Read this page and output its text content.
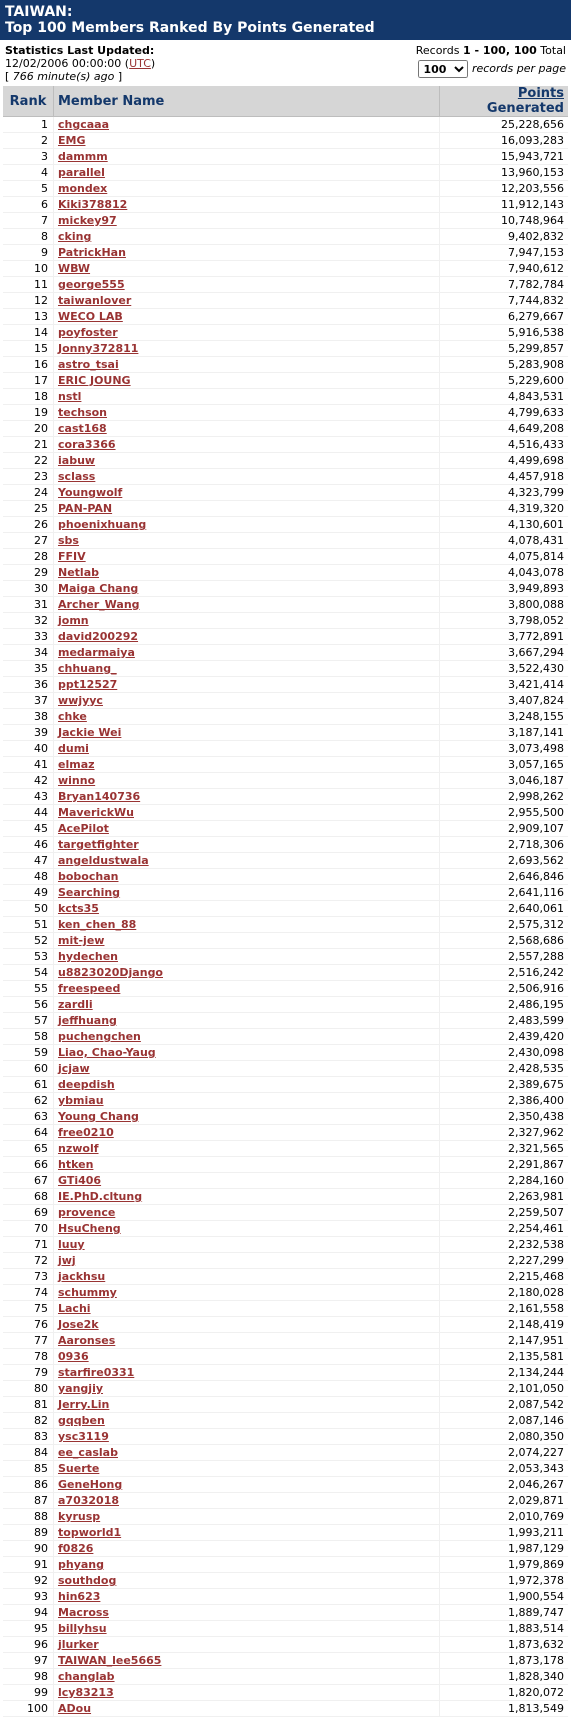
TAIWAN:
Top 100 Members Ranked By Points Generated
Statistics Last Updated:
12/02/2006 00:00:00 (UTC)
[ 766 minute(s) ago ]
Records 1 - 100, 100 Total
100 records per page
Rank	Member Name	Points Generated
1	chgcaaa	25,228,656
2	EMG	16,093,283
3	dammm	15,943,721
4	parallel	13,960,153
5	mondex	12,203,556
6	Kiki378812	11,912,143
7	mickey97	10,748,964
8	cking	9,402,832
9	PatrickHan	7,947,153
10	WBW	7,940,612
11	george555	7,782,784
12	taiwanlover	7,744,832
13	WECO LAB	6,279,667
14	poyfoster	5,916,538
15	Jonny372811	5,299,857
16	astro_tsai	5,283,908
17	ERIC JOUNG	5,229,600
18	nstl	4,843,531
19	techson	4,799,633
20	cast168	4,649,208
21	cora3366	4,516,433
22	iabuw	4,499,698
23	sclass	4,457,918
24	Youngwolf	4,323,799
25	PAN-PAN	4,319,320
26	phoenixhuang	4,130,601
27	sbs	4,078,431
28	FFIV	4,075,814
29	Netlab	4,043,078
30	Maiga Chang	3,949,893
31	Archer_Wang	3,800,088
32	jomn	3,798,052
33	david200292	3,772,891
34	medarmaiya	3,667,294
35	chhuang_	3,522,430
36	ppt12527	3,421,414
37	wwjyyc	3,407,824
38	chke	3,248,155
39	Jackie Wei	3,187,141
40	dumi	3,073,498
41	elmaz	3,057,165
42	winno	3,046,187
43	Bryan140736	2,998,262
44	MaverickWu	2,955,500
45	AcePilot	2,909,107
46	targetfighter	2,718,306
47	angeldustwala	2,693,562
48	bobochan	2,646,846
49	Searching	2,641,116
50	kcts35	2,640,061
51	ken_chen_88	2,575,312
52	mit-jew	2,568,686
53	hydechen	2,557,288
54	u8823020Django	2,516,242
55	freespeed	2,506,916
56	zardli	2,486,195
57	jeffhuang	2,483,599
58	puchengchen	2,439,420
59	Liao, Chao-Yaug	2,430,098
60	jcjaw	2,428,535
61	deepdish	2,389,675
62	ybmiau	2,386,400
63	Young Chang	2,350,438
64	free0210	2,327,962
65	nzwolf	2,321,565
66	htken	2,291,867
67	GTi406	2,284,160
68	IE.PhD.cltung	2,263,981
69	provence	2,259,507
70	HsuCheng	2,254,461
71	luuy	2,232,538
72	jwj	2,227,299
73	jackhsu	2,215,468
74	schummy	2,180,028
75	Lachi	2,161,558
76	Jose2k	2,148,419
77	Aaronses	2,147,951
78	0936	2,135,581
79	starfire0331	2,134,244
80	yangjiy	2,101,050
81	Jerry.Lin	2,087,542
82	gqqben	2,087,146
83	ysc3119	2,080,350
84	ee_caslab	2,074,227
85	Suerte	2,053,343
86	GeneHong	2,046,267
87	a7032018	2,029,871
88	kyrusp	2,010,769
89	topworld1	1,993,211
90	f0826	1,987,129
91	phyang	1,979,869
92	southdog	1,972,378
93	hin623	1,900,554
94	Macross	1,889,747
95	billyhsu	1,883,514
96	jlurker	1,873,632
97	TAIWAN_lee5665	1,873,178
98	changlab	1,828,340
99	lcy83213	1,820,072
100	ADou	1,813,549
